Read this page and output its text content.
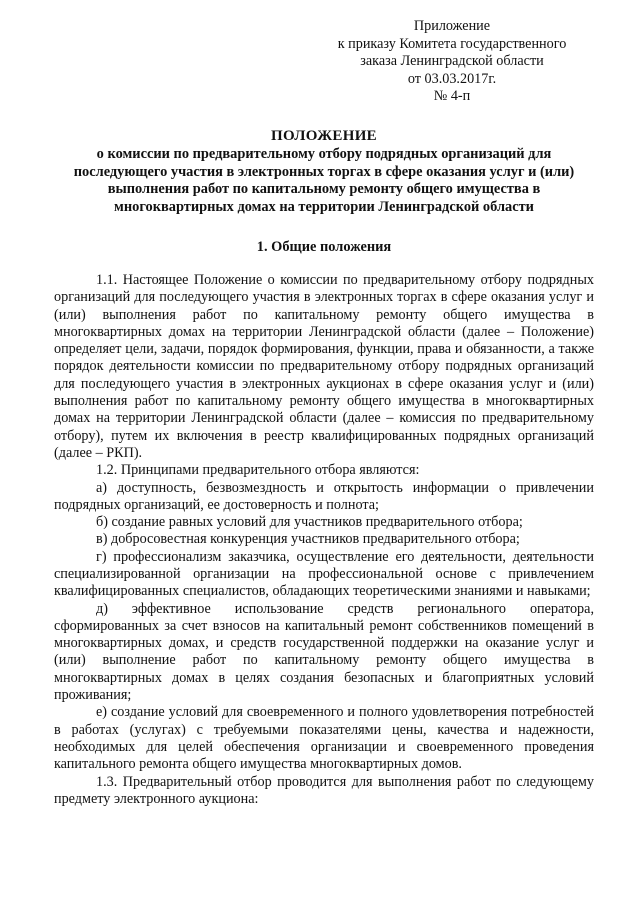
Приложение
к приказу Комитета государственного
заказа Ленинградской области
от 03.03.2017г.
№ 4-п
ПОЛОЖЕНИЕ
о комиссии по предварительному отбору подрядных организаций для
последующего участия в электронных торгах в сфере оказания услуг и (или)
выполнения работ по капитальному ремонту общего имущества в
многоквартирных домах на территории Ленинградской области
1. Общие положения

1.1. Настоящее Положение о комиссии по предварительному отбору подрядных организаций для последующего участия в электронных торгах в сфере оказания услуг и (или) выполнения работ по капитальному ремонту общего имущества в многоквартирных домах на территории Ленинградской области (далее – Положение) определяет цели, задачи, порядок формирования, функции, права и обязанности, а также порядок деятельности комиссии по предварительному отбору подрядных организаций для последующего участия в электронных аукционах в сфере оказания услуг и (или) выполнения работ по капитальному ремонту общего имущества в многоквартирных домах на территории Ленинградской области (далее – комиссия по предварительному отбору), путем их включения в реестр квалифицированных подрядных организаций (далее – РКП).

1.2. Принципами предварительного отбора являются:

а) доступность, безвозмездность и открытость информации о привлечении подрядных организаций, ее достоверность и полнота;

б) создание равных условий для участников предварительного отбора;

в) добросовестная конкуренция участников предварительного отбора;

г) профессионализм заказчика, осуществление его деятельности, деятельности специализированной организации на профессиональной основе с привлечением квалифицированных специалистов, обладающих теоретическими знаниями и навыками;

д) эффективное использование средств регионального оператора, сформированных за счет взносов на капитальный ремонт собственников помещений в многоквартирных домах, и средств государственной поддержки на оказание услуг и (или) выполнение работ по капитальному ремонту общего имущества в многоквартирных домах в целях создания безопасных и благоприятных условий проживания;

е) создание условий для своевременного и полного удовлетворения потребностей в работах (услугах) с требуемыми показателями цены, качества и надежности, необходимых для целей обеспечения организации и своевременного проведения капитального ремонта общего имущества многоквартирных домов.

1.3. Предварительный отбор проводится для выполнения работ по следующему предмету электронного аукциона:
